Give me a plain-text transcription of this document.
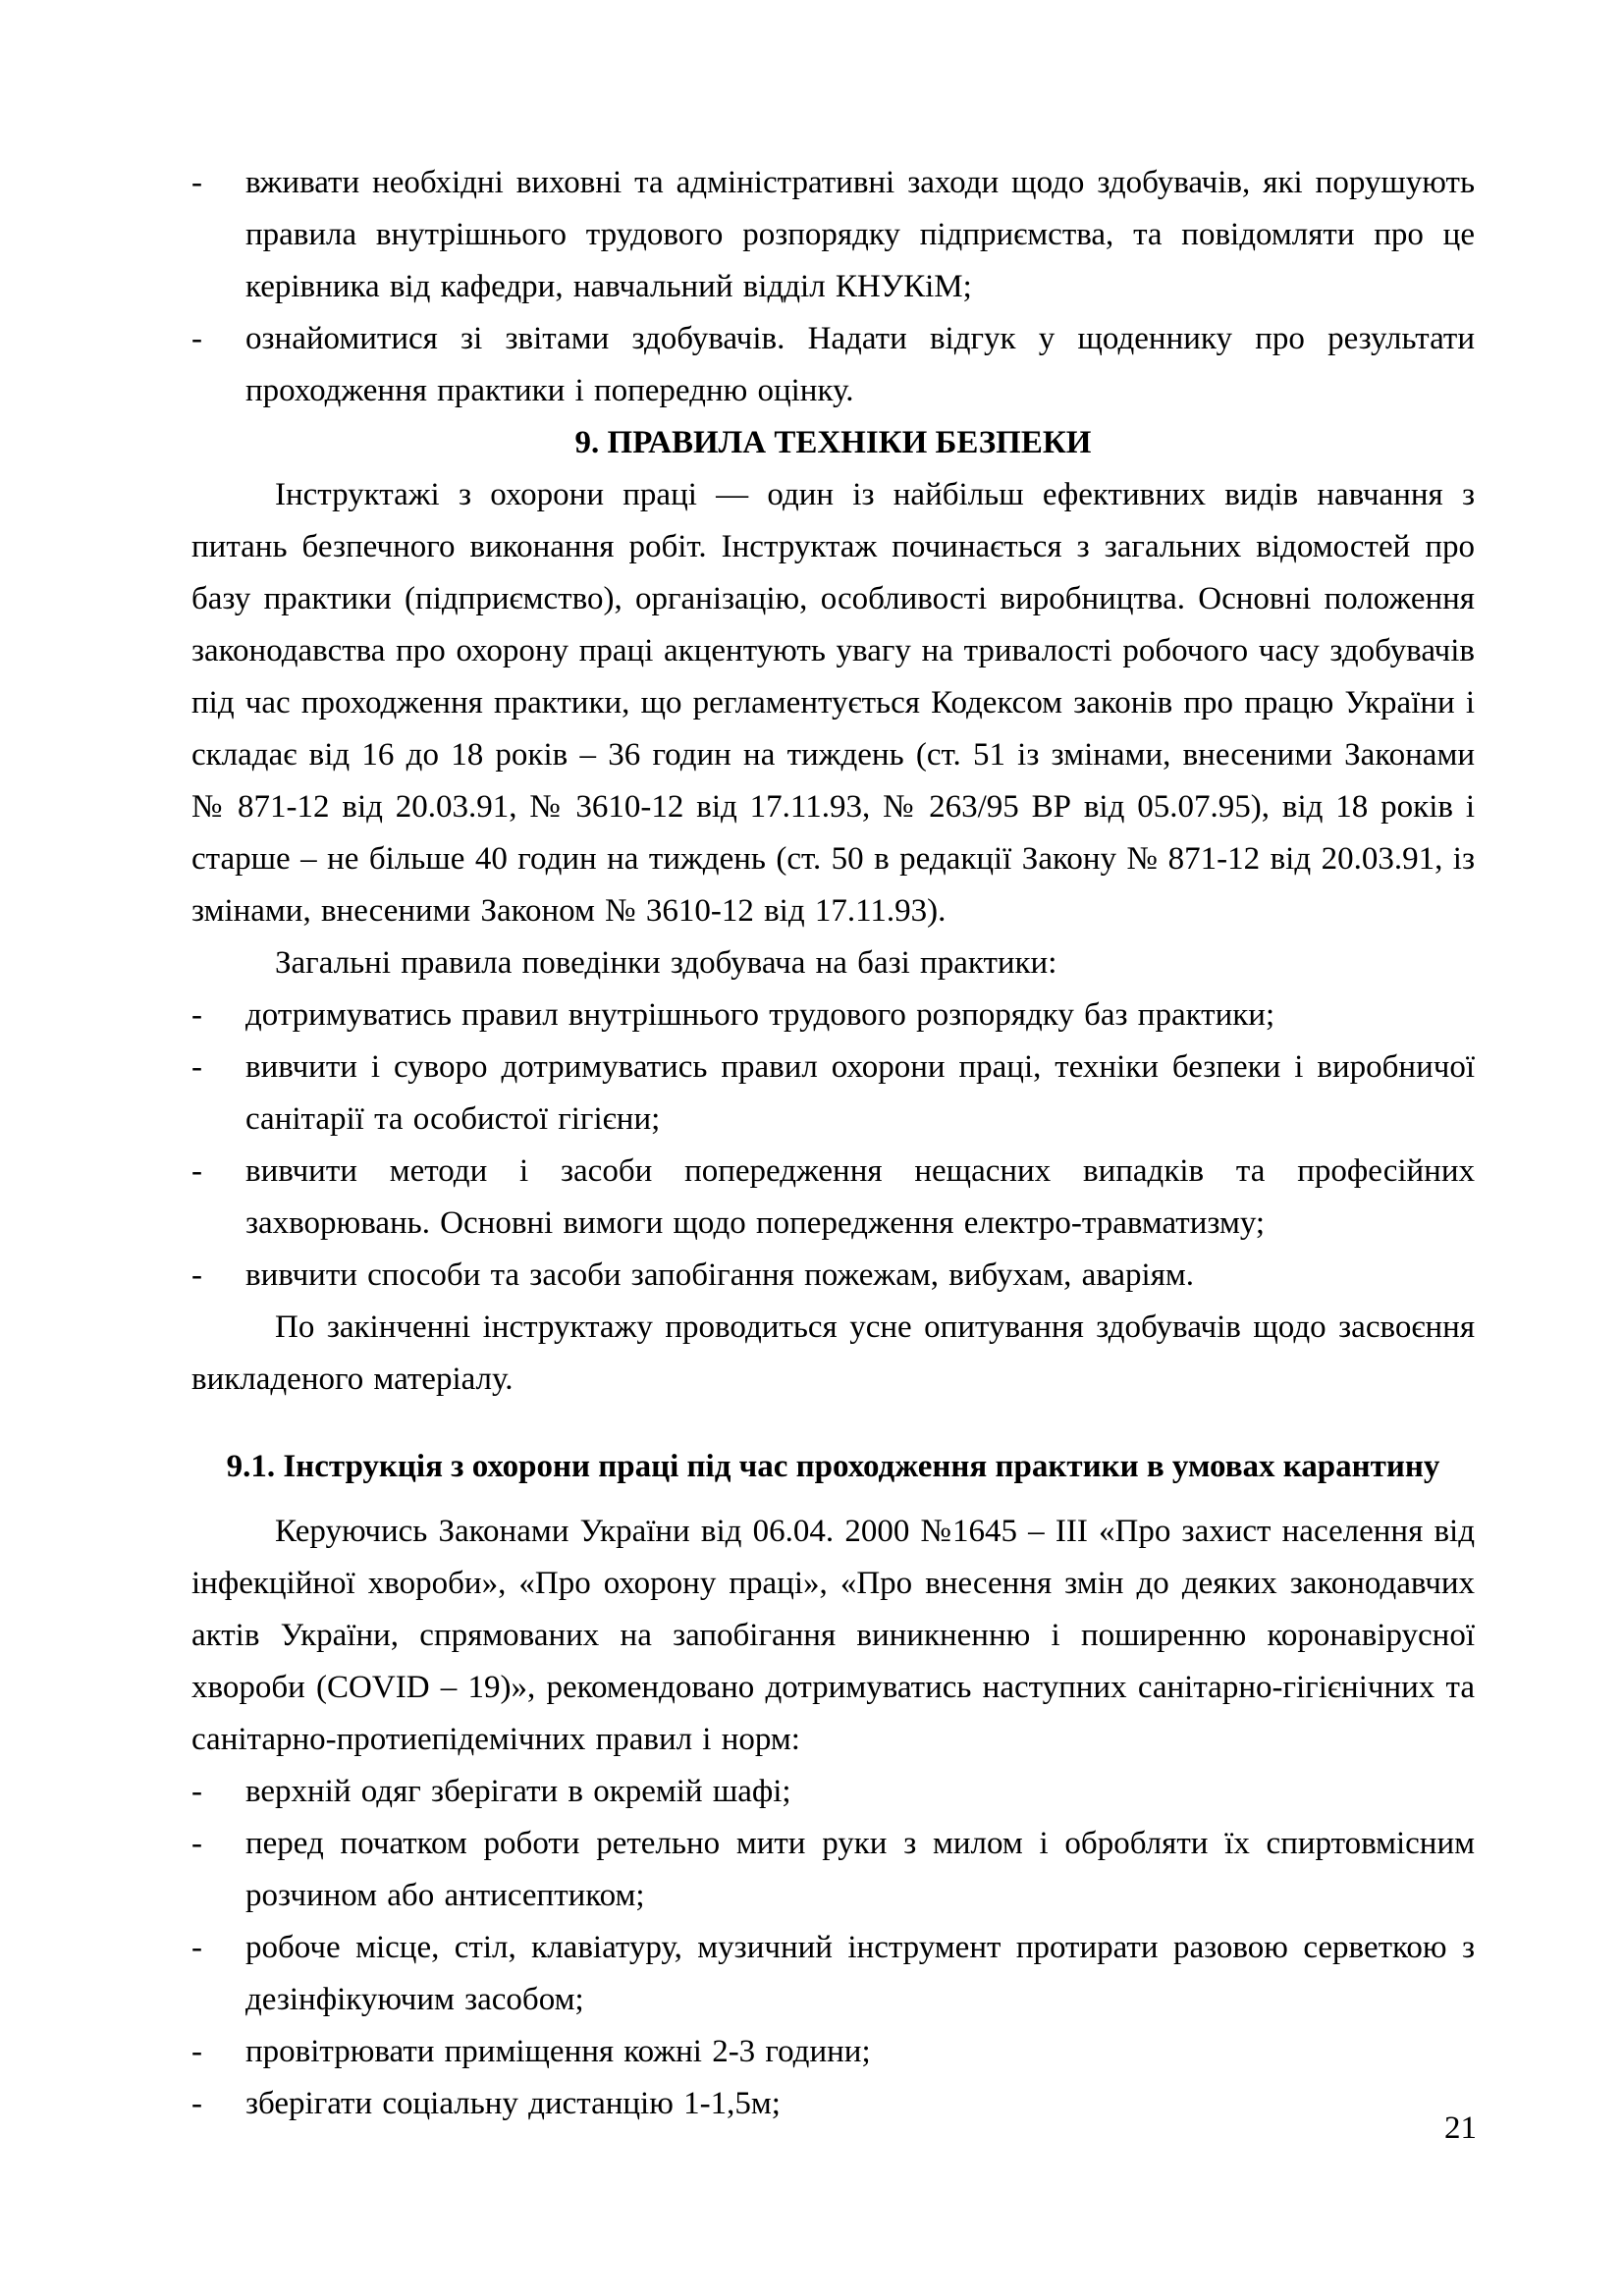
-	вживати необхідні виховні та адміністративні заходи щодо здобувачів, які порушують правила внутрішнього трудового розпорядку підприємства, та повідомляти про це керівника від кафедри, навчальний відділ КНУКіМ;
-	ознайомитися зі звітами здобувачів. Надати відгук у щоденнику про результати проходження практики і попередню оцінку.
9. ПРАВИЛА ТЕХНІКИ БЕЗПЕКИ

Інструктажі з охорони праці — один із найбільш ефективних видів навчання з питань безпечного виконання робіт. Інструктаж починається з загальних відомостей про базу практики (підприємство), організацію, особливості виробництва. Основні положення законодавства про охорону праці акцентують увагу на тривалості робочого часу здобувачів під час проходження практики, що регламентується Кодексом законів про працю України і складає від 16 до 18 років – 36 годин на тиждень (ст. 51 із змінами, внесеними Законами № 871-12 від 20.03.91, № 3610-12 від 17.11.93, № 263/95 ВР від 05.07.95), від 18 років і старше – не більше 40 годин на тиждень (ст. 50 в редакції Закону № 871-12 від 20.03.91, із змінами, внесеними Законом № 3610-12 від 17.11.93).

Загальні правила поведінки здобувача на базі практики:

-	дотримуватись правил внутрішнього трудового розпорядку баз практики;
-	вивчити і суворо дотримуватись правил охорони праці, техніки безпеки і виробничої санітарії та особистої гігієни;
-	вивчити методи і засоби попередження нещасних випадків та професійних захворювань. Основні вимоги щодо попередження електро-травматизму;
-	вивчити способи та засоби запобігання пожежам, вибухам, аваріям.

По закінченні інструктажу проводиться усне опитування здобувачів щодо засвоєння викладеного матеріалу.

9.1. Інструкція з охорони праці під час проходження практики в умовах карантину

Керуючись Законами України від 06.04. 2000 №1645 – ІІІ «Про захист населення від інфекційної хвороби», «Про охорону праці», «Про внесення змін до деяких законодавчих актів України, спрямованих на запобігання виникненню і поширенню коронавірусної хвороби (COVID – 19)», рекомендовано дотримуватись наступних санітарно-гігієнічних та санітарно-протиепідемічних правил і норм:

-	верхній одяг зберігати в окремій шафі;
-	перед початком роботи ретельно мити руки з милом і обробляти їх спиртовмісним розчином або антисептиком;
-	робоче місце, стіл, клавіатуру, музичний інструмент протирати разовою серветкою з дезінфікуючим засобом;
-	провітрювати приміщення кожні 2-3 години;
-	зберігати соціальну дистанцію 1-1,5м;
21
